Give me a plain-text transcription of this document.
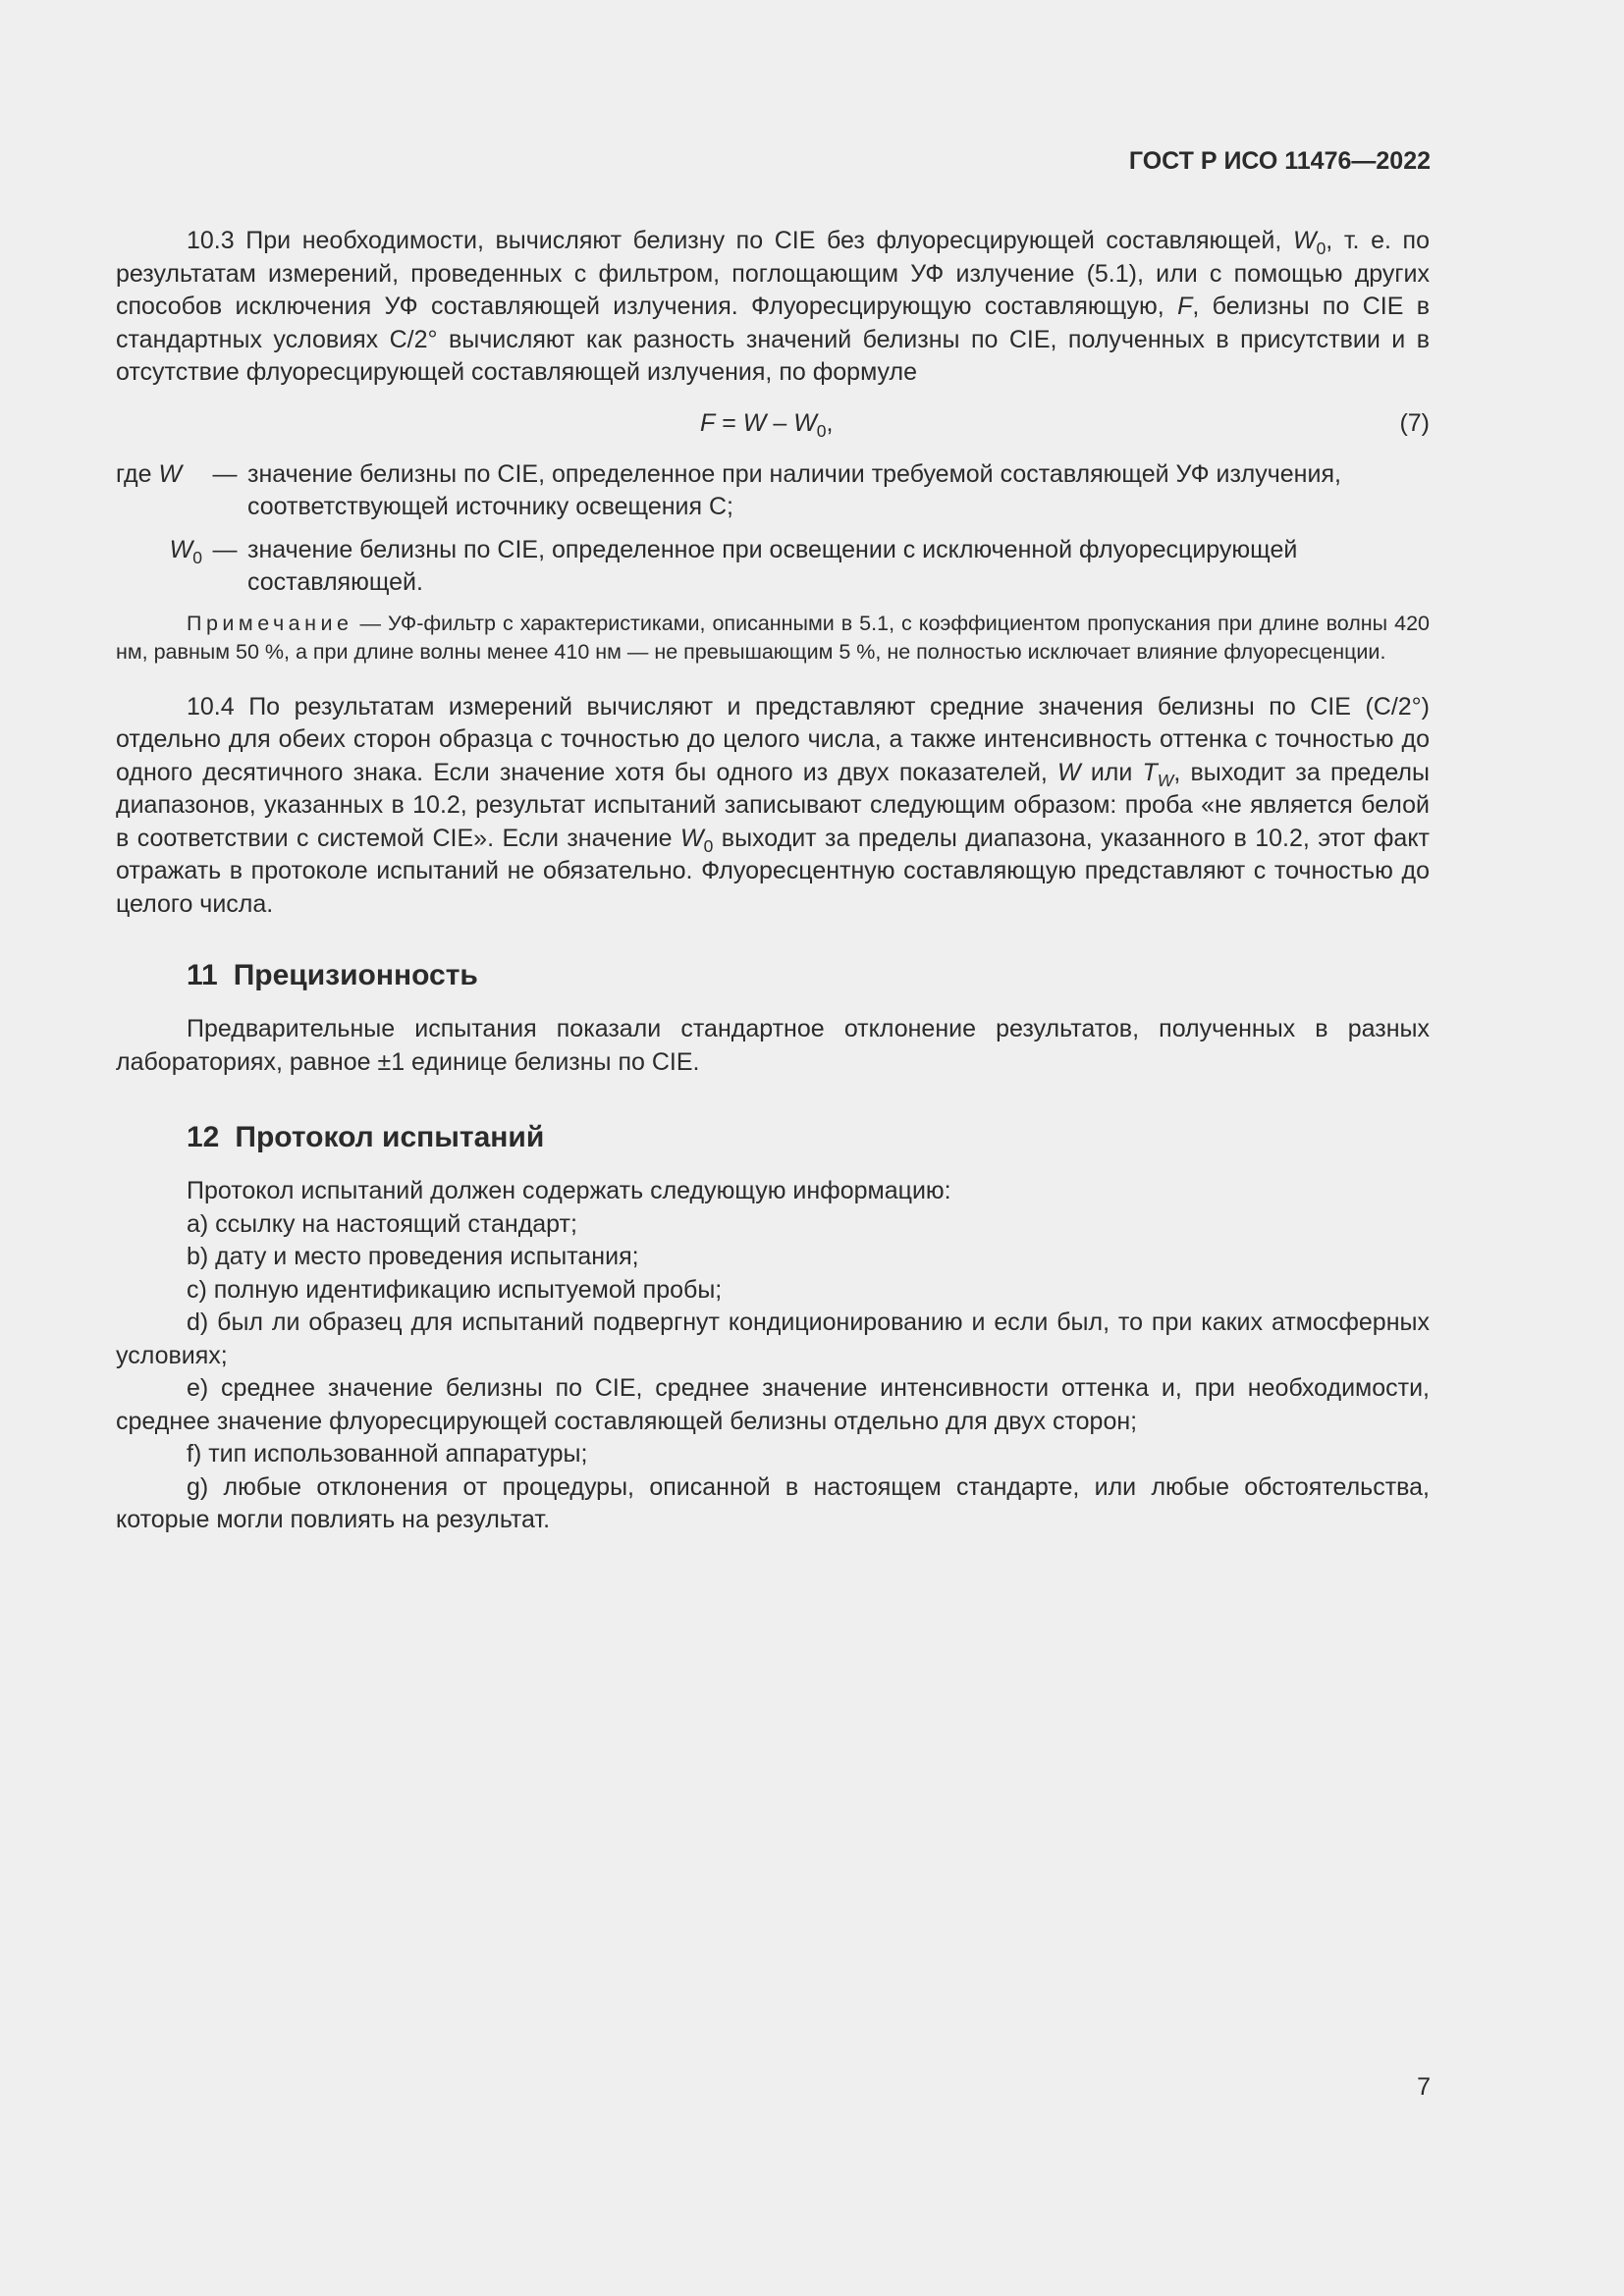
ГОСТ Р ИСО 11476—2022

10.3 При необходимости, вычисляют белизну по CIE без флуоресцирующей составляющей, $W_0$, т. е. по результатам измерений, проведенных с фильтром, поглощающим УФ излучение (5.1), или с помощью других способов исключения УФ составляющей излучения. Флуоресцирующую составляющую, F, белизны по CIE в стандартных условиях С/2° вычисляют как разность значений белизны по CIE, полученных в присутствии и в отсутствие флуоресцирующей составляющей излучения, по формуле

$F = W - W_0$,	(7)
где W	— значение белизны по CIE, определенное при наличии требуемой составляющей УФ излучения, соответствующей источнику освещения С;
$W_0$ — значение белизны по CIE, определенное при освещении с исключенной флуоресцирующей составляющей.

Примечание — УФ-фильтр с характеристиками, описанными в 5.1, с коэффициентом пропускания при длине волны 420 нм, равным 50 %, а при длине волны менее 410 нм — не превышающим 5 %, не полностью исключает влияние флуоресценции.

10.4 По результатам измерений вычисляют и представляют средние значения белизны по CIE (С/2°) отдельно для обеих сторон образца с точностью до целого числа, а также интенсивность оттенка с точностью до одного десятичного знака. Если значение хотя бы одного из двух показателей, W или $T_W$, выходит за пределы диапазонов, указанных в 10.2, результат испытаний записывают следующим образом: проба «не является белой в соответствии с системой CIE». Если значение $W_0$ выходит за пределы диапазона, указанного в 10.2, этот факт отражать в протоколе испытаний не обязательно. Флуоресцентную составляющую представляют с точностью до целого числа.

11 Прецизионность

Предварительные испытания показали стандартное отклонение результатов, полученных в разных лабораториях, равное ±1 единице белизны по CIE.

12 Протокол испытаний

Протокол испытаний должен содержать следующую информацию:

a) ссылку на настоящий стандарт;

b) дату и место проведения испытания;

c) полную идентификацию испытуемой пробы;

d) был ли образец для испытаний подвергнут кондиционированию и если был, то при каких атмосферных условиях;

e) среднее значение белизны по CIE, среднее значение интенсивности оттенка и, при необходимости, среднее значение флуоресцирующей составляющей белизны отдельно для двух сторон;

f) тип использованной аппаратуры;

g) любые отклонения от процедуры, описанной в настоящем стандарте, или любые обстоятельства, которые могли повлиять на результат.

7
